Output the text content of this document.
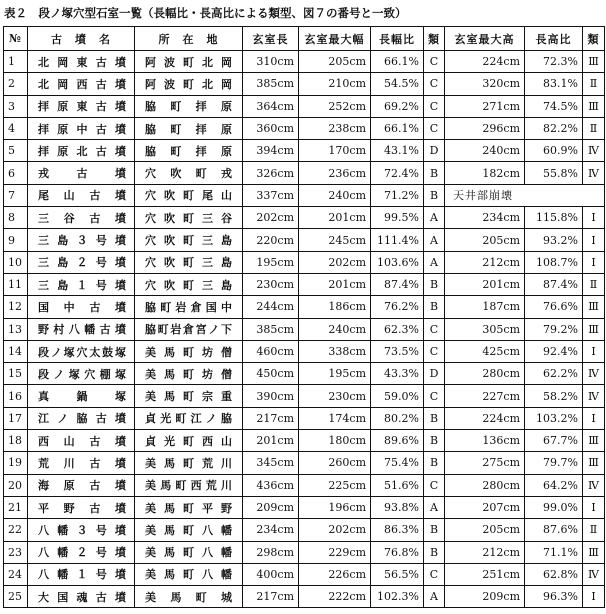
表２　段ノ塚穴型石室一覧（長幅比・長高比による類型、図７の番号と一致）
№	古　墳　名	所　在　地	玄室長	玄室最大幅	長幅比	類	玄室最大高	長高比	類
1	北岡東古墳	阿波町北岡	310cm	205cm	66.1%	C	224cm	72.3%	Ⅲ
2	北岡西古墳	阿波町北岡	385cm	210cm	54.5%	C	320cm	83.1%	Ⅱ
3	拝原東古墳	脇町拝原	364cm	252cm	69.2%	C	271cm	74.5%	Ⅲ
4	拝原中古墳	脇町拝原	360cm	238cm	66.1%	C	296cm	82.2%	Ⅱ
5	拝原北古墳	脇町拝原	394cm	170cm	43.1%	D	240cm	60.9%	Ⅳ
6	戎古墳	穴吹町戎	326cm	236cm	72.4%	B	182cm	55.8%	Ⅳ
7	尾山古墳	穴吹町尾山	337cm	240cm	71.2%	B	天井部崩壊		
8	三谷古墳	穴吹町三谷	202cm	201cm	99.5%	A	234cm	115.8%	Ⅰ
9	三島３号墳	穴吹町三島	220cm	245cm	111.4%	A	205cm	93.2%	Ⅰ
10	三島２号墳	穴吹町三島	195cm	202cm	103.6%	A	212cm	108.7%	Ⅰ
11	三島１号墳	穴吹町三島	230cm	201cm	87.4%	B	201cm	87.4%	Ⅱ
12	国中古墳	脇町岩倉国中	244cm	186cm	76.2%	B	187cm	76.6%	Ⅲ
13	野村八幡古墳	脇町岩倉宮ノ下	385cm	240cm	62.3%	C	305cm	79.2%	Ⅲ
14	段ノ塚穴太鼓塚	美馬町坊僧	460cm	338cm	73.5%	C	425cm	92.4%	Ⅰ
15	段ノ塚穴棚塚	美馬町坊僧	450cm	195cm	43.3%	D	280cm	62.2%	Ⅳ
16	真鍋塚	美馬町宗重	390cm	230cm	59.0%	C	227cm	58.2%	Ⅳ
17	江ノ脇古墳	貞光町江ノ脇	217cm	174cm	80.2%	B	224cm	103.2%	Ⅰ
18	西山古墳	貞光町西山	201cm	180cm	89.6%	B	136cm	67.7%	Ⅲ
19	荒川古墳	美馬町荒川	345cm	260cm	75.4%	B	275cm	79.7%	Ⅲ
20	海原古墳	美馬町西荒川	436cm	225cm	51.6%	C	280cm	64.2%	Ⅳ
21	平野古墳	美馬町平野	209cm	196cm	93.8%	A	207cm	99.0%	Ⅰ
22	八幡３号墳	美馬町八幡	234cm	202cm	86.3%	B	205cm	87.6%	Ⅱ
23	八幡２号墳	美馬町八幡	298cm	229cm	76.8%	B	212cm	71.1%	Ⅲ
24	八幡１号墳	美馬町八幡	400cm	226cm	56.5%	C	251cm	62.8%	Ⅳ
25	大国魂古墳	美馬町城	217cm	222cm	102.3%	A	209cm	96.3%	Ⅰ
